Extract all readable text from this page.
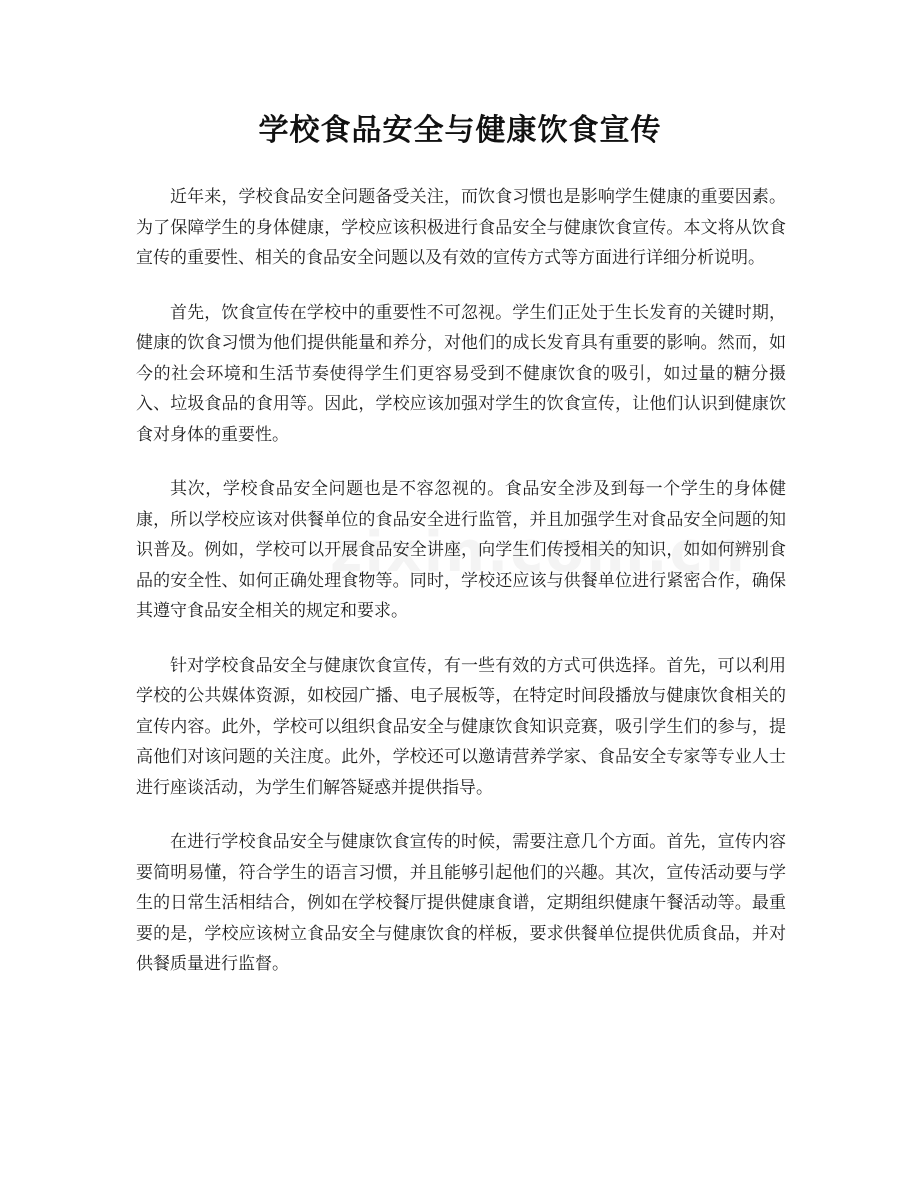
学校食品安全与健康饮食宣传

近年来，学校食品安全问题备受关注，而饮食习惯也是影响学生健康的重要因素。为了保障学生的身体健康，学校应该积极进行食品安全与健康饮食宣传。本文将从饮食宣传的重要性、相关的食品安全问题以及有效的宣传方式等方面进行详细分析说明。

首先，饮食宣传在学校中的重要性不可忽视。学生们正处于生长发育的关键时期，健康的饮食习惯为他们提供能量和养分，对他们的成长发育具有重要的影响。然而，如今的社会环境和生活节奏使得学生们更容易受到不健康饮食的吸引，如过量的糖分摄入、垃圾食品的食用等。因此，学校应该加强对学生的饮食宣传，让他们认识到健康饮食对身体的重要性。

其次，学校食品安全问题也是不容忽视的。食品安全涉及到每一个学生的身体健康，所以学校应该对供餐单位的食品安全进行监管，并且加强学生对食品安全问题的知识普及。例如，学校可以开展食品安全讲座，向学生们传授相关的知识，如如何辨别食品的安全性、如何正确处理食物等。同时，学校还应该与供餐单位进行紧密合作，确保其遵守食品安全相关的规定和要求。

针对学校食品安全与健康饮食宣传，有一些有效的方式可供选择。首先，可以利用学校的公共媒体资源，如校园广播、电子展板等，在特定时间段播放与健康饮食相关的宣传内容。此外，学校可以组织食品安全与健康饮食知识竞赛，吸引学生们的参与，提高他们对该问题的关注度。此外，学校还可以邀请营养学家、食品安全专家等专业人士进行座谈活动，为学生们解答疑惑并提供指导。

在进行学校食品安全与健康饮食宣传的时候，需要注意几个方面。首先，宣传内容要简明易懂，符合学生的语言习惯，并且能够引起他们的兴趣。其次，宣传活动要与学生的日常生活相结合，例如在学校餐厅提供健康食谱，定期组织健康午餐活动等。最重要的是，学校应该树立食品安全与健康饮食的样板，要求供餐单位提供优质食品，并对供餐质量进行监督。
